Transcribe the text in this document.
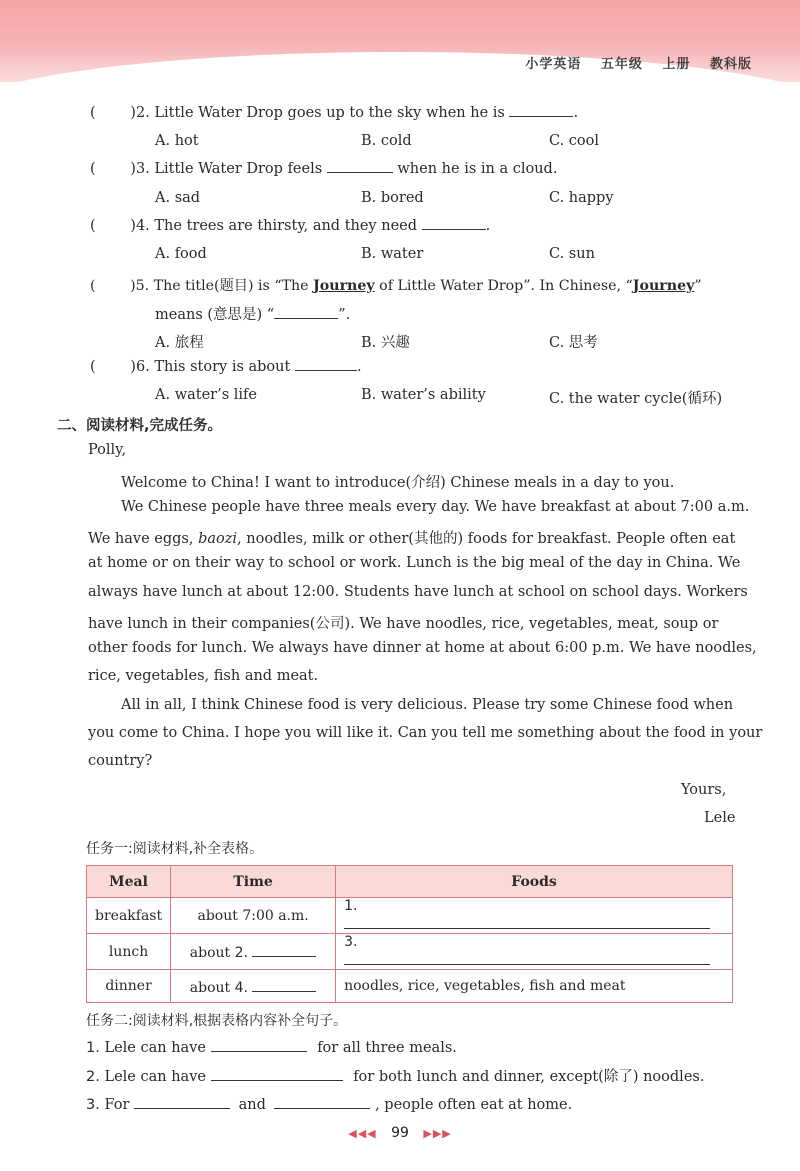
小学英语 五年级 上册 教科版
( )2. Little Water Drop goes up to the sky when he is	.
A. hot	B. cold	C. cool
( )3. Little Water Drop feels	when he is in a cloud.
A. sad	B. bored	C. happy
( )4. The trees are thirsty, and they need	.
A. food	B. water	C. sun
( )5. The title(题目) is “The Journey of Little Water Drop”. In Chinese, “Journey”
means (意思是) “	”.
A. 旅程	B. 兴趣	C. 思考
( )6. This story is about	.
A. water’s life	B. water’s ability	C. the water cycle(循环)
二、阅读材料,完成任务。
Polly,
Welcome to China! I want to introduce(介绍) Chinese meals in a day to you.
We Chinese people have three meals every day. We have breakfast at about 7:00 a.m.
We have eggs, baozi, noodles, milk or other(其他的) foods for breakfast. People often eat
at home or on their way to school or work. Lunch is the big meal of the day in China. We
always have lunch at about 12:00. Students have lunch at school on school days. Workers
have lunch in their companies(公司). We have noodles, rice, vegetables, meat, soup or
other foods for lunch. We always have dinner at home at about 6:00 p.m. We have noodles,
rice, vegetables, fish and meat.
All in all, I think Chinese food is very delicious. Please try some Chinese food when
you come to China. I hope you will like it. Can you tell me something about the food in your
country?
Yours,
Lele
任务一:阅读材料,补全表格。
Meal	Time	Foods
breakfast	about 7:00 a.m.	1.
lunch	about 2.	3.
dinner	about 4.	noodles, rice, vegetables, fish and meat
任务二:阅读材料,根据表格内容补全句子。
1. Lele can have	for all three meals.
2. Lele can have	for both lunch and dinner, except(除了) noodles.
3. For	and	, people often eat at home.
◀◀◀ 99 ▶▶▶
